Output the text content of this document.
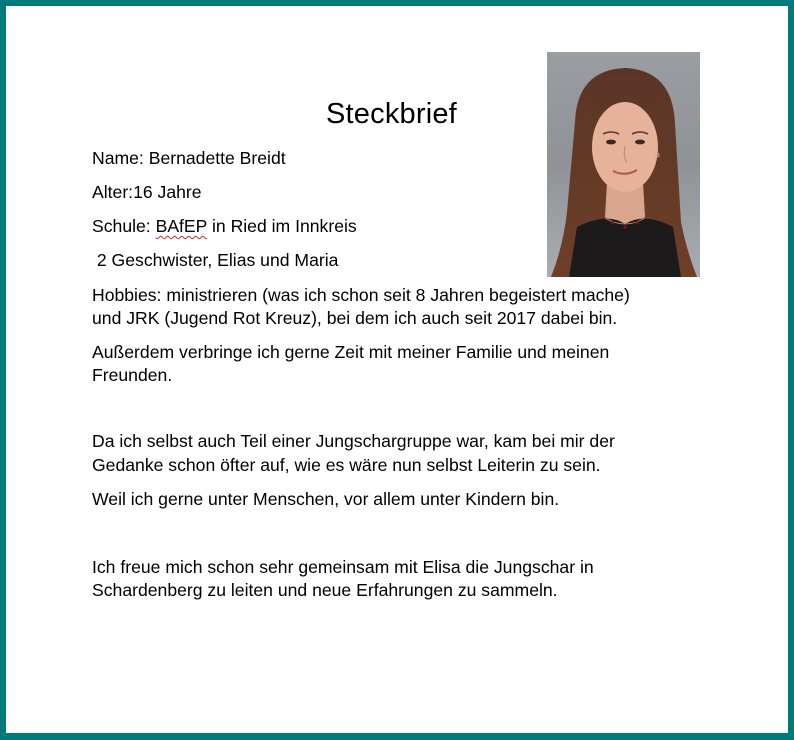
Steckbrief
Name: Bernadette Breidt
Alter:16 Jahre
Schule: BAfEP in Ried im Innkreis
2 Geschwister, Elias und Maria
Hobbies: ministrieren (was ich schon seit 8 Jahren begeistert mache)
und JRK (Jugend Rot Kreuz), bei dem ich auch seit 2017 dabei bin.
Außerdem verbringe ich gerne Zeit mit meiner Familie und meinen
Freunden.
Da ich selbst auch Teil einer Jungschargruppe war, kam bei mir der
Gedanke schon öfter auf, wie es wäre nun selbst Leiterin zu sein.
Weil ich gerne unter Menschen, vor allem unter Kindern bin.
Ich freue mich schon sehr gemeinsam mit Elisa die Jungschar in
Schardenberg zu leiten und neue Erfahrungen zu sammeln.
